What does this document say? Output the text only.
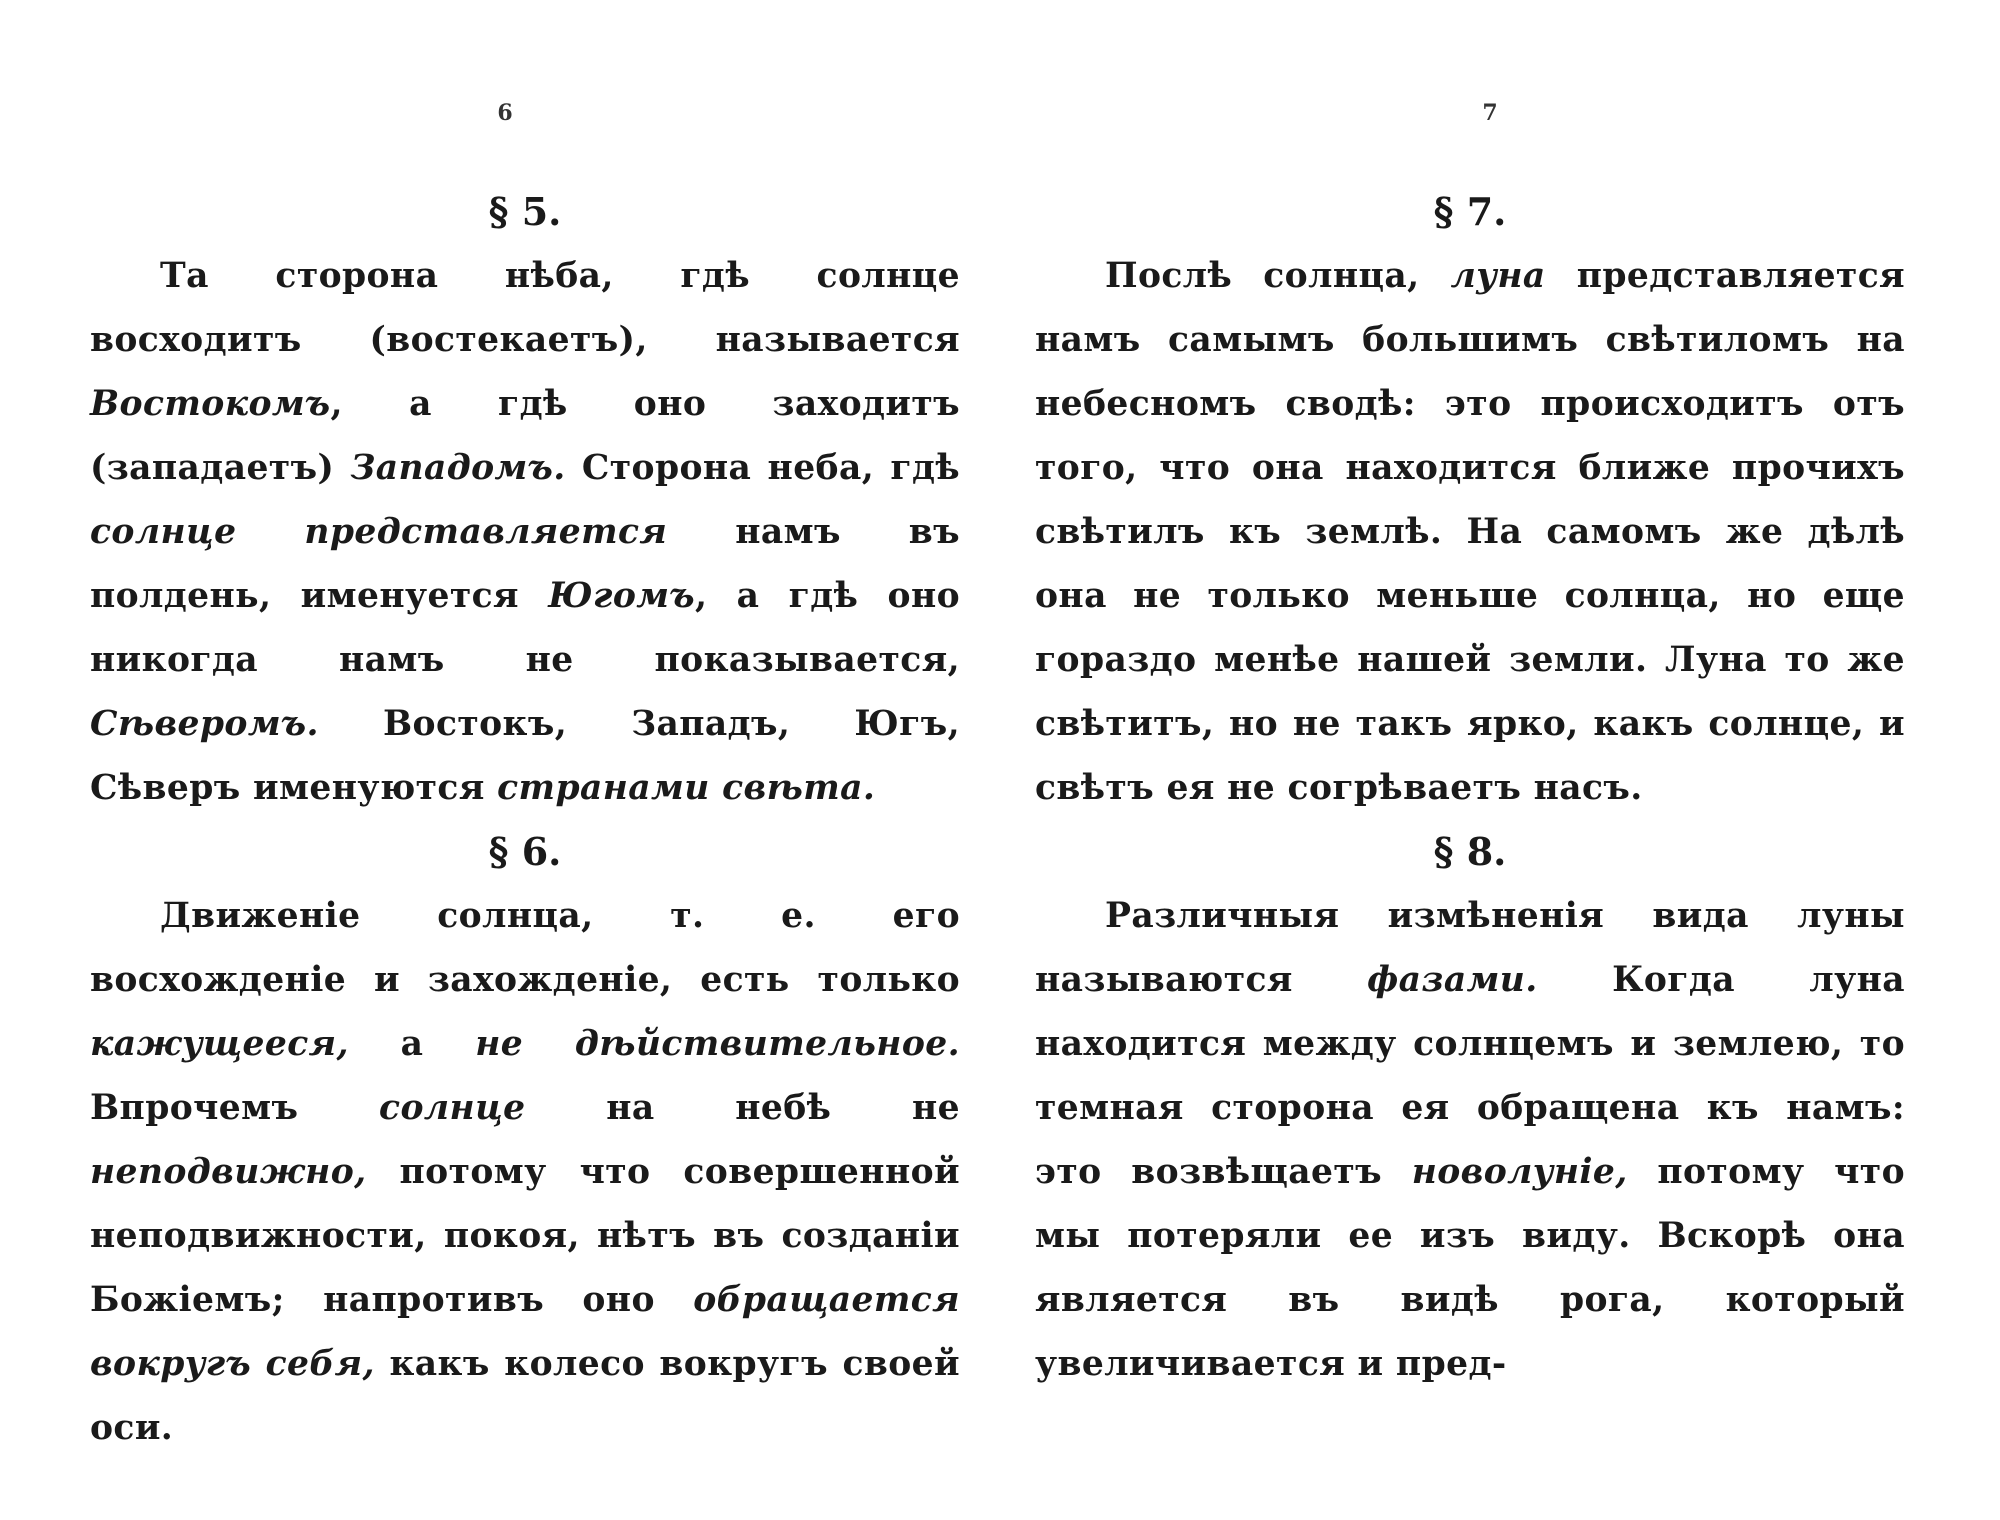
6
§ 5.

Та сторона нѣба, гдѣ солнце восходитъ (востекаетъ), называется Востокомъ, а гдѣ оно заходитъ (западаетъ) Западомъ. Сторона неба, гдѣ солнце представляется намъ въ полдень, именуется Югомъ, а гдѣ оно никогда намъ не показывается, Сѣверомъ. Востокъ, Западъ, Югъ, Сѣверъ именуются странами свѣта.

§ 6.

Движеніе солнца, т. е. его восхожденіе и захожденіе, есть только кажущееся, а не дѣйствительное. Впрочемъ солнце на небѣ не неподвижно, потому что совершенной неподвижности, покоя, нѣтъ въ созданіи Божіемъ; напротивъ оно обращается вокругъ себя, какъ колесо вокругъ своей оси.

7
§ 7.

Послѣ солнца, луна представляется намъ самымъ большимъ свѣтиломъ на небесномъ сводѣ: это происходитъ отъ того, что она находится ближе прочихъ свѣтилъ къ землѣ. На самомъ же дѣлѣ она не только меньше солнца, но еще гораздо менѣе нашей земли. Луна то же свѣтитъ, но не такъ ярко, какъ солнце, и свѣтъ ея не согрѣваетъ насъ.

§ 8.

Различныя измѣненія вида луны называются фазами. Когда луна находится между солнцемъ и землею, то темная сторона ея обращена къ намъ: это возвѣщаетъ новолуніе, потому что мы потеряли ее изъ виду. Вскорѣ она является въ видѣ рога, который увеличивается и пред-
